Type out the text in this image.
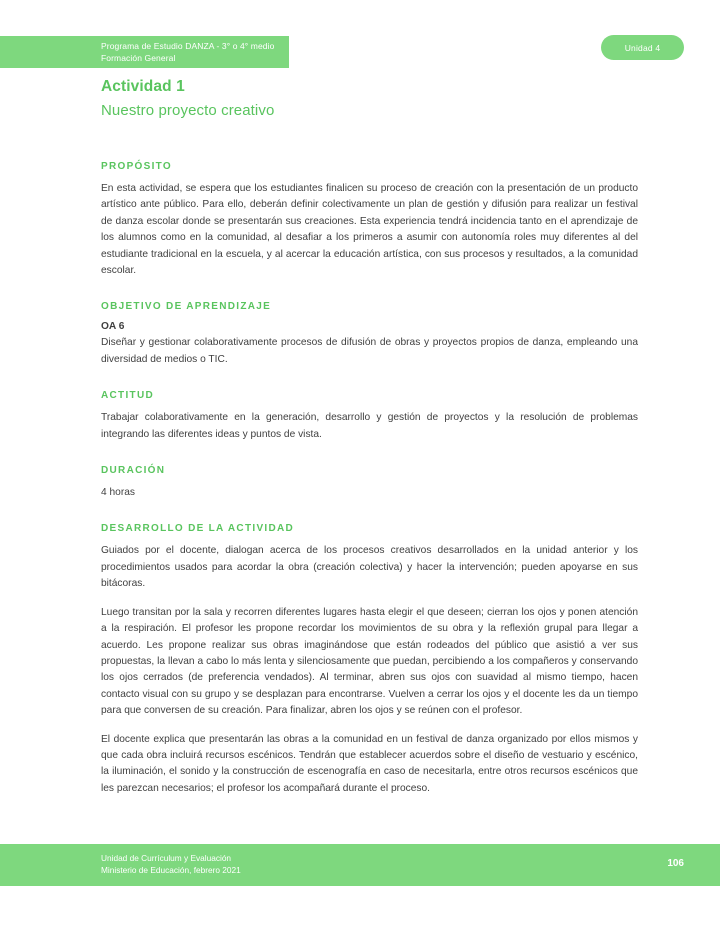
Programa de Estudio DANZA - 3° o 4° medio
Formación General
Unidad 4
Actividad 1
Nuestro proyecto creativo
PROPÓSITO

En esta actividad, se espera que los estudiantes finalicen su proceso de creación con la presentación de un producto artístico ante público. Para ello, deberán definir colectivamente un plan de gestión y difusión para realizar un festival de danza escolar donde se presentarán sus creaciones. Esta experiencia tendrá incidencia tanto en el aprendizaje de los alumnos como en la comunidad, al desafiar a los primeros a asumir con autonomía roles muy diferentes al del estudiante tradicional en la escuela, y al acercar la educación artística, con sus procesos y resultados, a la comunidad escolar.

OBJETIVO DE APRENDIZAJE
OA 6

Diseñar y gestionar colaborativamente procesos de difusión de obras y proyectos propios de danza, empleando una diversidad de medios o TIC.

ACTITUD

Trabajar colaborativamente en la generación, desarrollo y gestión de proyectos y la resolución de problemas integrando las diferentes ideas y puntos de vista.

DURACIÓN

4 horas

DESARROLLO DE LA ACTIVIDAD

Guiados por el docente, dialogan acerca de los procesos creativos desarrollados en la unidad anterior y los procedimientos usados para acordar la obra (creación colectiva) y hacer la intervención; pueden apoyarse en sus bitácoras.

Luego transitan por la sala y recorren diferentes lugares hasta elegir el que deseen; cierran los ojos y ponen atención a la respiración. El profesor les propone recordar los movimientos de su obra y la reflexión grupal para llegar a acuerdo. Les propone realizar sus obras imaginándose que están rodeados del público que asistió a ver sus propuestas, la llevan a cabo lo más lenta y silenciosamente que puedan, percibiendo a los compañeros y conservando los ojos cerrados (de preferencia vendados). Al terminar, abren sus ojos con suavidad al mismo tiempo, hacen contacto visual con su grupo y se desplazan para encontrarse. Vuelven a cerrar los ojos y el docente les da un tiempo para que conversen de su creación. Para finalizar, abren los ojos y se reúnen con el profesor.

El docente explica que presentarán las obras a la comunidad en un festival de danza organizado por ellos mismos y que cada obra incluirá recursos escénicos. Tendrán que establecer acuerdos sobre el diseño de vestuario y escénico, la iluminación, el sonido y la construcción de escenografía en caso de necesitarla, entre otros recursos escénicos que les parezcan necesarios; el profesor los acompañará durante el proceso.

Unidad de Currículum y Evaluación
Ministerio de Educación, febrero 2021
106
